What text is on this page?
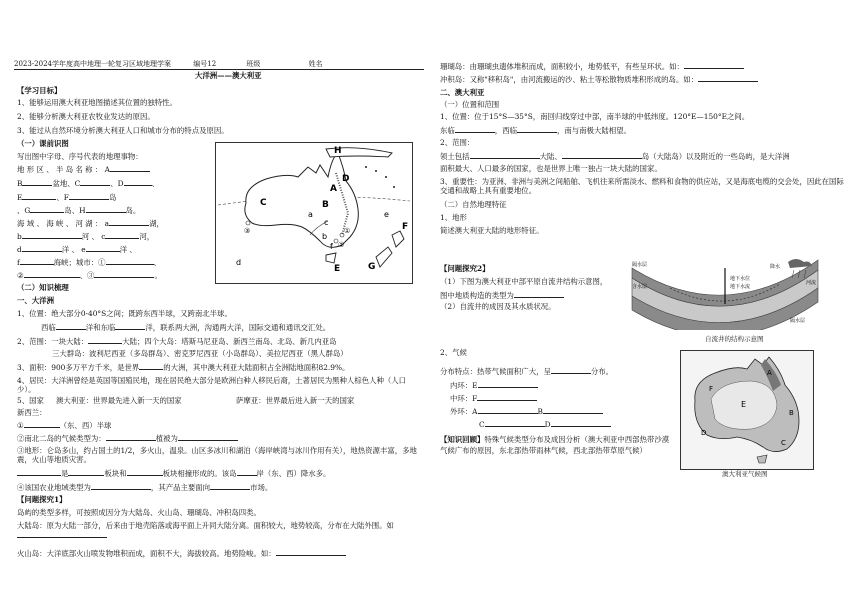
2023-2024学年度高中地理一轮复习区域地理学案	编号12	班级	姓名
大洋洲——澳大利亚
【学习目标】
1、能够运用澳大利亚地图描述其位置的独特性。
2、能够分析澳大利亚农牧业发达的原因。
3、能过从自然环境分析澳大利亚人口和城市分布的特点及原因。
（一）课前识图
写出图中字母、序号代表的地理事物：
地 形 区 、 半 岛 名 称 ： A
B	盆地、C	、D	、
E	、F	岛
、G	岛、H	岛。
海 域 、 海 峡 、 河 湖 ： a	湖，
b	河 、 c	河，
d	洋 、 e	洋 、
f	海峡；城市：①	、
②	、③	。
H
D
A
C
a
B
c
b
f
E
F
G
d
e
①
②
③
（二）知识梳理
一、大洋洲
1、位置：绝大部分0-40°S之间；既跨东西半球，又跨南北半球。
西临	洋和东临	洋，联系两大洲，沟通两大洋，国际交通和通讯交汇处。
2、范围：一块大陆：	大陆；四个大岛：塔斯马尼亚岛、新西兰南岛、北岛、新几内亚岛
三大群岛：波利尼西亚（多岛群岛）、密克罗尼西亚（小岛群岛）、美拉尼西亚（黑人群岛）
3、面积：900多万平方千米，是世界	的大洲，其中澳大利亚大陆面积占全洲陆地面积82.9%。
4、居民：大洋洲曾经是英国等国殖民地，现在居民绝大部分是欧洲白种人移民后裔，土著居民为黑种人棕色人种（人口少）。
5、国家
新西兰：
澳大利亚：世界最先进入新一天的国家	萨摩亚：世界最后进入新一天的国家
①	（东、西）半球
②南北二岛的气候类型为：	植被为
③地形：仑岛多山，约占国土的1/2，多火山，温泉。山区多冰川和湖泊（海岸峡湾与冰川作用有关），地热资源丰富，多地震，火山等地质灾害。
是	板块和	板块相撞形成的。该岛	岸（东、西）降水多。
④该国农业地域类型为	，其产品主要面向	市场。
【问题探究1】
岛屿的类型多样，可按照成因分为大陆岛、火山岛、珊瑚岛、冲积岛四类。
大陆岛：原为大陆一部分，后来由于地壳陷落或海平面上升同大陆分离。面积较大，地势较高，分布在大陆外围。如
火山岛：大洋底部火山喷发物堆积而成，面积不大，海拔较高。地势险峻。如：
珊瑚岛：由珊瑚虫遗体堆积而成，面积较小，地势低平，有些呈环状。如：
冲积岛：又称"移积岛"，由河流搬运的沙、粘土等松散物质堆积形成的岛。如：
二、澳大利亚
（一）位置和范围
1、位置：位于15°S—35°S，南回归线穿过中部，南半球的中低纬度。120°E—150°E之间。
东临	，西临	，南与南极大陆相望。
2、范围：
领土包括	大陆、	岛（大陆岛）以及附近的一些岛屿，是大洋洲
面积最大、人口最多的国家，也是世界上唯一独占一块大陆的国家。
3、重要性：为亚洲、非洲与美洲之间船舶、飞机往来所需淡水、燃料和食物的供应站，又是海底电缆的交会处，因此在国际交通和战略上具有重要地位。
（二）自然地理特征
1、地形
简述澳大利亚大陆的地形特征。
【问题探究2】
（1）下图为澳大利亚中部平原自流井结构示意图，
图中地质构造的类型为
（2）自流井的成因及其水质状况。
隔水层
含水层
地下水位
地下水流
隔水层
降水
河流
自流井的结构示意图
2、气候
分布特点：热带气候面积广大，呈	分布。
内环：E
中环：F
外环：A	B
C	D
【知识回顾】特殊气候类型分布及成因分析（澳大利亚中西部热带沙漠气候广布的原因，东北部热带雨林气候，西北部热带草原气候）
E
F
A
B
C
D
澳大利亚气候图
